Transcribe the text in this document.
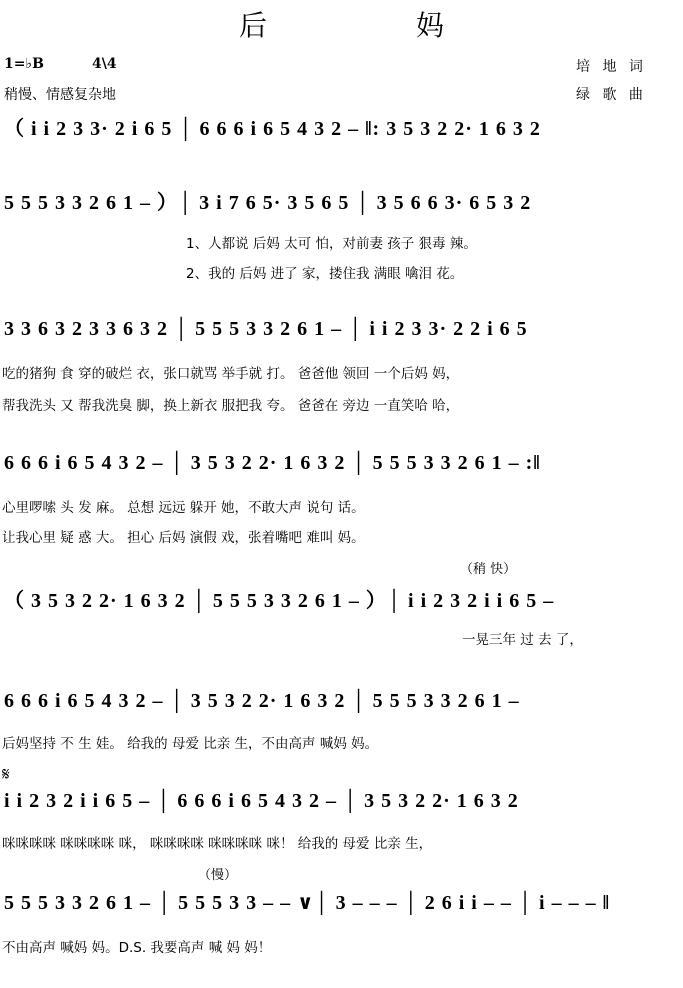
后 妈
1=♭B	4\4
稍慢、情感复杂地
培 地 词
绿 歌 曲
（ i i 2 3 3· 2 i 6 5 │ 6 6 6 i 6 5 4 3 2 – ‖: 3 5 3 2 2· 1 6 3 2
5 5 5 3 3 2 6 1 – ）│ 3 i 7 6 5· 3 5 6 5 │ 3 5 6 6 3· 6 5 3 2
1、人都说 后妈 太可 怕，对前妻 孩子 狠毒 辣。
2、我的 后妈 进了 家，搂住我 满眼 噙泪 花。
3 3 6 3 2 3 3 6 3 2 │ 5 5 5 3 3 2 6 1 – │ i i 2 3 3· 2 2 i 6 5
吃的猪狗 食 穿的破烂 衣，张口就骂 举手就 打。 爸爸他 领回 一个后妈 妈，
帮我洗头 又 帮我洗臭 脚，换上新衣 服把我 夸。 爸爸在 旁边 一直笑哈 哈，
6 6 6 i 6 5 4 3 2 – │ 3 5 3 2 2· 1 6 3 2 │ 5 5 5 3 3 2 6 1 – :‖
心里啰嗦 头 发 麻。 总想 远远 躲开 她，不敢大声 说句 话。
让我心里 疑 惑 大。 担心 后妈 演假 戏，张着嘴吧 难叫 妈。
（稍 快）
（ 3 5 3 2 2· 1 6 3 2 │ 5 5 5 3 3 2 6 1 – ）│ i i 2 3 2 i i 6 5 –
一晃三年 过 去 了，
6 6 6 i 6 5 4 3 2 – │ 3 5 3 2 2· 1 6 3 2 │ 5 5 5 3 3 2 6 1 –
后妈坚持 不 生 娃。 给我的 母爱 比亲 生，不由高声 喊妈 妈。
𝄋
i i 2 3 2 i i 6 5 – │ 6 6 6 i 6 5 4 3 2 – │ 3 5 3 2 2· 1 6 3 2
咪咪咪咪 咪咪咪咪 咪， 咪咪咪咪 咪咪咪咪 咪！ 给我的 母爱 比亲 生，
（慢）
5 5 5 3 3 2 6 1 – │ 5 5 5 3 3 – – ∨│ 3 – – – │ 2 6 i i – – │ i – – – ‖
不由高声 喊妈 妈。D.S. 我要高声 喊 妈 妈！
